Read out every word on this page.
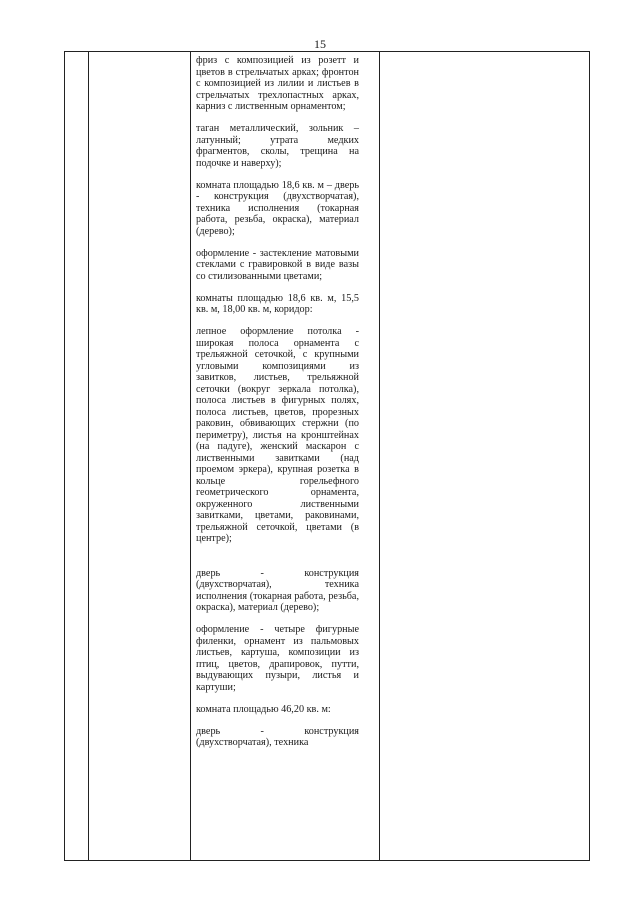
15

фриз с композицией из розетт и цветов в стрельчатых арках; фронтон с композицией из лилии и листьев в стрельчатых трехлопастных арках, карниз с лиственным орнаментом;

таган металлический, зольник – латунный; утрата медких фрагментов, сколы, трещина на подочке и наверху);

комната площадью 18,6 кв. м – дверь - конструкция (двухстворчатая), техника исполнения (токарная работа, резьба, окраска), материал (дерево);

оформление - застекление матовыми стеклами с гравировкой в виде вазы со стилизованными цветами;

комнаты площадью 18,6 кв. м, 15,5 кв. м, 18,00 кв. м, коридор:

лепное оформление потолка - широкая полоса орнамента с трельяжной сеточкой, с крупными угловыми композициями из завитков, листьев, трельяжной сеточки (вокруг зеркала потолка), полоса листьев в фигурных полях, полоса листьев, цветов, прорезных раковин, обвивающих стержни (по периметру), листья на кронштейнах (на падуге), женский маскарон с лиственными завитками (над проемом эркера), крупная розетка в кольце горельефного геометрического орнамента, окруженного лиственными завитками, цветами, раковинами, трельяжной сеточкой, цветами (в центре);

дверь - конструкция (двухстворчатая), техника исполнения (токарная работа, резьба, окраска), материал (дерево);

оформление - четыре фигурные филенки, орнамент из пальмовых листьев, картуша, композиции из птиц, цветов, драпировок, путти, выдувающих пузыри, листья и картуши;

комната площадью 46,20 кв. м:

дверь - конструкция (двухстворчатая), техника
